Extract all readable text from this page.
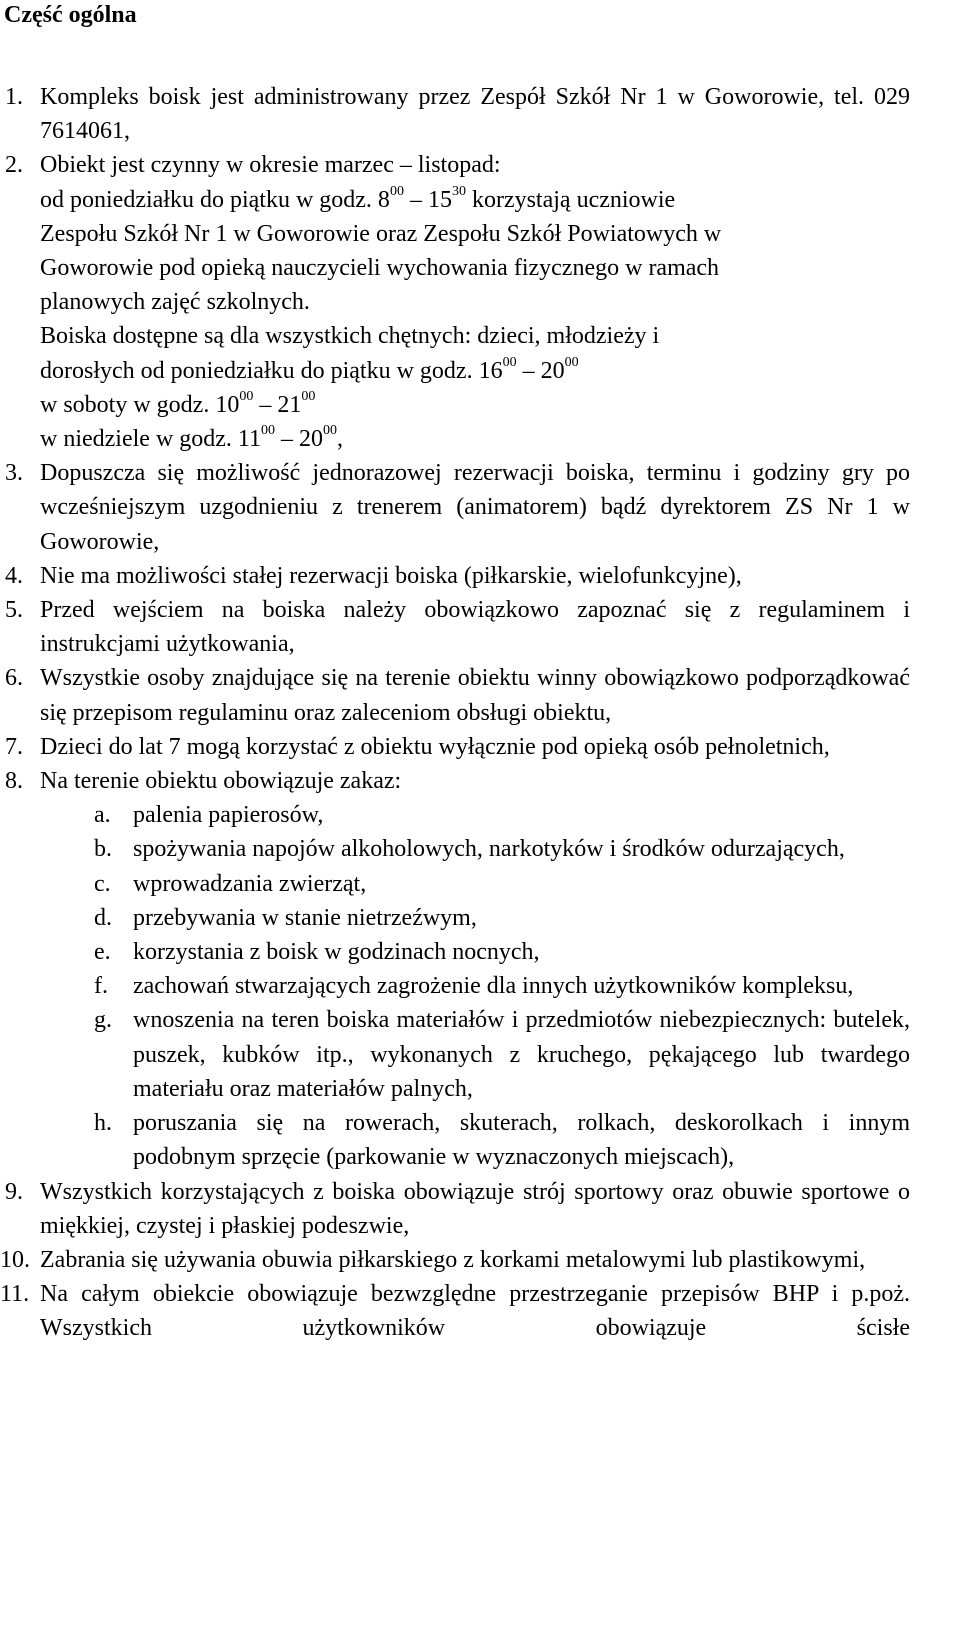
Część ogólna
1. Kompleks boisk jest administrowany przez Zespół Szkół Nr 1 w Goworowie, tel. 029 7614061,
2. Obiekt jest czynny w okresie marzec – listopad:
od poniedziałku do piątku w godz. $8^{00} - 15^{30}$ korzystają uczniowie
Zespołu Szkół Nr 1 w Goworowie oraz Zespołu Szkół Powiatowych w
Goworowie pod opieką nauczycieli wychowania fizycznego w ramach
planowych zajęć szkolnych.
Boiska dostępne są dla wszystkich chętnych: dzieci, młodzieży i
dorosłych od poniedziałku do piątku w godz. $16^{00} - 20^{00}$
w soboty w godz. $10^{00} - 21^{00}$
w niedziele w godz. $11^{00} - 20^{00}$,
3. Dopuszcza się możliwość jednorazowej rezerwacji boiska, terminu i godziny gry po wcześniejszym uzgodnieniu z trenerem (animatorem) bądź dyrektorem ZS Nr 1 w Goworowie,
4. Nie ma możliwości stałej rezerwacji boiska (piłkarskie, wielofunkcyjne),
5. Przed wejściem na boiska należy obowiązkowo zapoznać się z regulaminem i instrukcjami użytkowania,
6. Wszystkie osoby znajdujące się na terenie obiektu winny obowiązkowo podporządkować się przepisom regulaminu oraz zaleceniom obsługi obiektu,
7. Dzieci do lat 7 mogą korzystać z obiektu wyłącznie pod opieką osób pełnoletnich,
8. Na terenie obiektu obowiązuje zakaz:
a. palenia papierosów,
b. spożywania napojów alkoholowych, narkotyków i środków odurzających,
c. wprowadzania zwierząt,
d. przebywania w stanie nietrzeźwym,
e. korzystania z boisk w godzinach nocnych,
f. zachowań stwarzających zagrożenie dla innych użytkowników kompleksu,
g. wnoszenia na teren boiska materiałów i przedmiotów niebezpiecznych: butelek, puszek, kubków itp., wykonanych z kruchego, pękającego lub twardego materiału oraz materiałów palnych,
h. poruszania się na rowerach, skuterach, rolkach, deskorolkach i innym podobnym sprzęcie (parkowanie w wyznaczonych miejscach),
9. Wszystkich korzystających z boiska obowiązuje strój sportowy oraz obuwie sportowe o miękkiej, czystej i płaskiej podeszwie,
10. Zabrania się używania obuwia piłkarskiego z korkami metalowymi lub plastikowymi,
11. Na całym obiekcie obowiązuje bezwzględne przestrzeganie przepisów BHP i p.poż. Wszystkich użytkowników obowiązuje ścisłe
